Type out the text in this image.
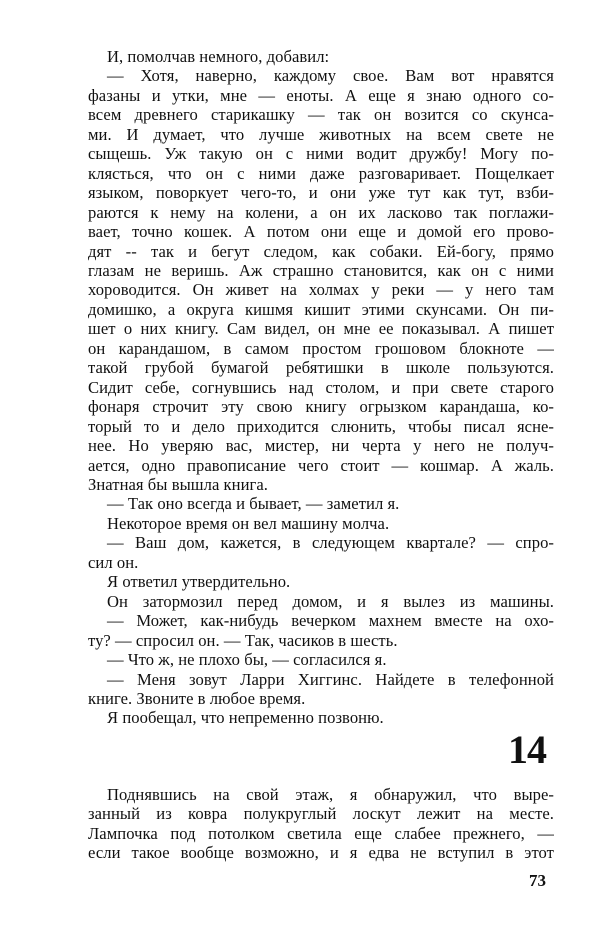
И, помолчав немного, добавил:
— Хотя, наверно, каждому свое. Вам вот нравятся
фазаны и утки, мне — еноты. А еще я знаю одного со-
всем древнего старикашку — так он возится со скунса-
ми. И думает, что лучше животных на всем свете не
сыщешь. Уж такую он с ними водит дружбу! Могу по-
клясться, что он с ними даже разговаривает. Пощелкает
языком, поворкует чего-то, и они уже тут как тут, взби-
раются к нему на колени, а он их ласково так поглажи-
вает, точно кошек. А потом они еще и домой его прово-
дят -- так и бегут следом, как собаки. Ей-богу, прямо
глазам не веришь. Аж страшно становится, как он с ними
хороводится. Он живет на холмах у реки — у него там
домишко, а округа кишмя кишит этими скунсами. Он пи-
шет о них книгу. Сам видел, он мне ее показывал. А пишет
он карандашом, в самом простом грошовом блокноте —
такой грубой бумагой ребятишки в школе пользуются.
Сидит себе, согнувшись над столом, и при свете старого
фонаря строчит эту свою книгу огрызком карандаша, ко-
торый то и дело приходится слюнить, чтобы писал ясне-
нее. Но уверяю вас, мистер, ни черта у него не получ-
ается, одно правописание чего стоит — кошмар. А жаль.
Знатная бы вышла книга.
— Так оно всегда и бывает, — заметил я.
Некоторое время он вел машину молча.
— Ваш дом, кажется, в следующем квартале? — спро-
сил он.
Я ответил утвердительно.
Он затормозил перед домом, и я вылез из машины.
— Может, как-нибудь вечерком махнем вместе на охо-
ту? — спросил он. — Так, часиков в шесть.
— Что ж, не плохо бы, — согласился я.
— Меня зовут Ларри Хиггинс. Найдете в телефонной
книге. Звоните в любое время.
Я пообещал, что непременно позвоню.
14
Поднявшись на свой этаж, я обнаружил, что выре-
занный из ковра полукруглый лоскут лежит на месте.
Лампочка под потолком светила еще слабее прежнего, —
если такое вообще возможно, и я едва не вступил в этот
73
